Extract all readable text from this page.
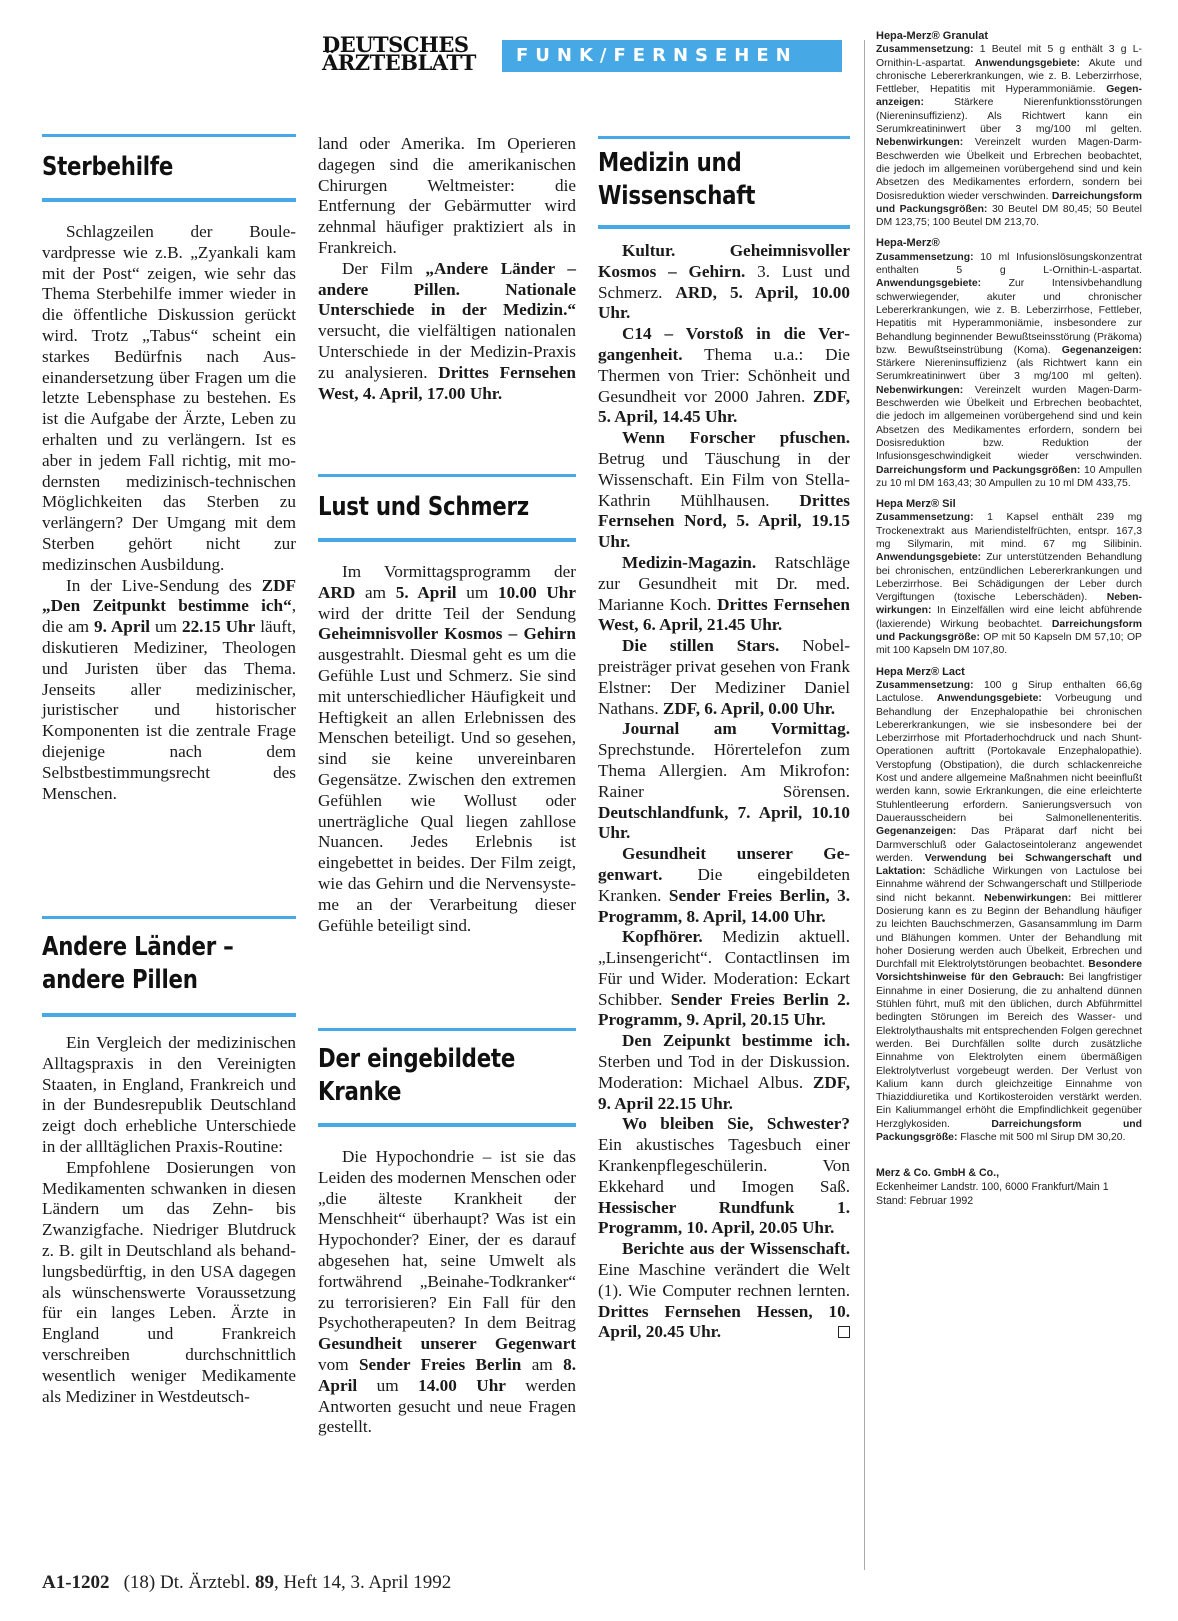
DEUTSCHES
ÄRZTEBLATT	FUNK/FERNSEHEN
Sterbehilfe

Schlagzeilen der Boulevardpresse wie z.B. „Zyankali kam mit der Post“ zeigen, wie sehr das Thema Sterbehilfe immer wieder in die öffentliche Diskussion gerückt wird. Trotz „Tabus“ scheint ein starkes Bedürfnis nach Auseinandersetzung über Fragen um die letzte Lebensphase zu bestehen. Es ist die Aufgabe der Ärzte, Leben zu erhalten und zu verlängern. Ist es aber in jedem Fall richtig, mit modernsten medizinisch-technischen Möglichkeiten das Sterben zu verlängern? Der Umgang mit dem Sterben gehört nicht zur medizinschen Ausbildung.

In der Live-Sendung des ZDF „Den Zeitpunkt bestimme ich“, die am 9. April um 22.15 Uhr läuft, diskutieren Mediziner, Theologen und Juristen über das Thema. Jenseits aller medizinischer, juristischer und historischer Komponenten ist die zentrale Frage diejenige nach dem Selbstbestimmungsrecht des Menschen.

Andere Länder – andere Pillen

Ein Vergleich der medizinischen Alltagspraxis in den Vereinigten Staaten, in England, Frankreich und in der Bundesrepublik Deutschland zeigt doch erhebliche Unterschiede in der allltäglichen Praxis-Routine:

Empfohlene Dosierungen von Medikamenten schwanken in diesen Ländern um das Zehn- bis Zwanzigfache. Niedriger Blutdruck z. B. gilt in Deutschland als behandlungsbedürftig, in den USA dagegen als wünschenswerte Voraussetzung für ein langes Leben. Ärzte in England und Frankreich verschreiben durchschnittlich wesentlich weniger Medikamente als Mediziner in Westdeutsch-

land oder Amerika. Im Operieren dagegen sind die amerikanischen Chirurgen Weltmeister: die Entfernung der Gebärmutter wird zehnmal häufiger praktiziert als in Frankreich.

Der Film „Andere Länder – andere Pillen. Nationale Unterschiede in der Medizin.“ versucht, die vielfältigen nationalen Unterschiede in der Medizin-Praxis zu analysieren. Drittes Fernsehen West, 4. April, 17.00 Uhr.

Lust und Schmerz

Im Vormittagsprogramm der ARD am 5. April um 10.00 Uhr wird der dritte Teil der Sendung Geheimnisvoller Kosmos – Gehirn ausgestrahlt. Diesmal geht es um die Gefühle Lust und Schmerz. Sie sind mit unterschiedlicher Häufigkeit und Heftigkeit an allen Erlebnissen des Menschen beteiligt. Und so gesehen, sind sie keine unvereinbaren Gegensätze. Zwischen den extremen Gefühlen wie Wollust oder unerträgliche Qual liegen zahllose Nuancen. Jedes Erlebnis ist eingebettet in beides. Der Film zeigt, wie das Gehirn und die Nervensysteme an der Verarbeitung dieser Gefühle beteiligt sind.

Der eingebildete Kranke

Die Hypochondrie – ist sie das Leiden des modernen Menschen oder „die älteste Krankheit der Menschheit“ überhaupt? Was ist ein Hypochonder? Einer, der es darauf abgesehen hat, seine Umwelt als fortwährend „Beinahe-Todkranker“ zu terrorisieren? Ein Fall für den Psychotherapeuten? In dem Beitrag Gesundheit unserer Gegenwart vom Sender Freies Berlin am 8. April um 14.00 Uhr werden Antworten gesucht und neue Fragen gestellt.

Medizin und Wissenschaft

Kultur. Geheimnisvoller Kosmos – Gehirn. 3. Lust und Schmerz. ARD, 5. April, 10.00 Uhr.

C14 – Vorstoß in die Vergangenheit. Thema u.a.: Die Thermen von Trier: Schönheit und Gesundheit vor 2000 Jahren. ZDF, 5. April, 14.45 Uhr.

Wenn Forscher pfuschen. Betrug und Täuschung in der Wissenschaft. Ein Film von Stella-Kathrin Mühlhausen. Drittes Fernsehen Nord, 5. April, 19.15 Uhr.

Medizin-Magazin. Ratschläge zur Gesundheit mit Dr. med. Marianne Koch. Drittes Fernsehen West, 6. April, 21.45 Uhr.

Die stillen Stars. Nobelpreisträger privat gesehen von Frank Elstner: Der Mediziner Daniel Nathans. ZDF, 6. April, 0.00 Uhr.

Journal am Vormittag. Sprechstunde. Hörertelefon zum Thema Allergien. Am Mikrofon: Rainer Sörensen. Deutschlandfunk, 7. April, 10.10 Uhr.

Gesundheit unserer Gegenwart. Die eingebildeten Kranken. Sender Freies Berlin, 3. Programm, 8. April, 14.00 Uhr.

Kopfhörer. Medizin aktuell. „Linsengericht“. Contactlinsen im Für und Wider. Moderation: Eckart Schibber. Sender Freies Berlin 2. Programm, 9. April, 20.15 Uhr.

Den Zeipunkt bestimme ich. Sterben und Tod in der Diskussion. Moderation: Michael Albus. ZDF, 9. April 22.15 Uhr.

Wo bleiben Sie, Schwester? Ein akustisches Tagesbuch einer Krankenpflegeschülerin. Von Ekkehard und Imogen Saß. Hessischer Rundfunk 1. Programm, 10. April, 20.05 Uhr.

Berichte aus der Wissenschaft. Eine Maschine verändert die Welt (1). Wie Computer rechnen lernten. Drittes Fernsehen Hessen, 10. April, 20.45 Uhr.

Hepa-Merz® Granulat
Zusammensetzung: 1 Beutel mit 5 g enthält 3 g L-Ornithin-L-aspartat. Anwendungsgebiete: Akute und chronische Lebererkrankungen, wie z. B. Leberzirrhose, Fettleber, Hepatitis mit Hyperammoniämie. Gegenanzeigen: Stärkere Nierenfunktionsstörungen (Niereninsuffizienz). Als Richtwert kann ein Serumkreatininwert über 3 mg/100 ml gelten. Nebenwirkungen: Vereinzelt wurden Magen-Darm-Beschwerden wie Übelkeit und Erbrechen beobachtet, die jedoch im allgemeinen vorübergehend sind und kein Absetzen des Medikamentes erfordern, sondern bei Dosisreduktion wieder verschwinden. Darreichungsform und Packungsgrößen: 30 Beutel DM 80,45; 50 Beutel DM 123,75; 100 Beutel DM 213,70.
Hepa-Merz®
Zusammensetzung: 10 ml Infusionslösungskonzentrat enthalten 5 g L-Ornithin-L-aspartat. Anwendungsgebiete: Zur Intensivbehandlung schwerwiegender, akuter und chronischer Lebererkrankungen, wie z. B. Leberzirrhose, Fettleber, Hepatitis mit Hyperammoniämie, insbesondere zur Behandlung beginnender Bewußtseinsstörung (Präkoma) bzw. Bewußtseinstrübung (Koma). Gegenanzeigen: Stärkere Niereninsuffizienz (als Richtwert kann ein Serumkreatininwert über 3 mg/100 ml gelten). Nebenwirkungen: Vereinzelt wurden Magen-Darm-Beschwerden wie Übelkeit und Erbrechen beobachtet, die jedoch im allgemeinen vorübergehend sind und kein Absetzen des Medikamentes erfordern, sondern bei Dosisreduktion bzw. Reduktion der Infusionsgeschwindigkeit wieder verschwinden. Darreichungsform und Packungsgrößen: 10 Ampullen zu 10 ml DM 163,43; 30 Ampullen zu 10 ml DM 433,75.
Hepa Merz® Sil
Zusammensetzung: 1 Kapsel enthält 239 mg Trockenextrakt aus Mariendistelfrüchten, entspr. 167,3 mg Silymarin, mit mind. 67 mg Silibinin. Anwendungsgebiete: Zur unterstützenden Behandlung bei chronischen, entzündlichen Lebererkrankungen und Leberzirrhose. Bei Schädigungen der Leber durch Vergiftungen (toxische Leberschäden). Nebenwirkungen: In Einzelfällen wird eine leicht abführende (laxierende) Wirkung beobachtet. Darreichungsform und Packungsgröße: OP mit 50 Kapseln DM 57,10; OP mit 100 Kapseln DM 107,80.
Hepa Merz® Lact
Zusammensetzung: 100 g Sirup enthalten 66,6g Lactulose. Anwendungsgebiete: Vorbeugung und Behandlung der Enzephalopathie bei chronischen Lebererkrankungen, wie sie insbesondere bei der Leberzirrhose mit Pfortaderhochdruck und nach Shunt-Operationen auftritt (Portokavale Enzephalopathie). Verstopfung (Obstipation), die durch schlackenreiche Kost und andere allgemeine Maßnahmen nicht beeinflußt werden kann, sowie Erkrankungen, die eine erleichterte Stuhlentleerung erfordern. Sanierungsversuch von Dauerausscheidern bei Salmonellenenteritis. Gegenanzeigen: Das Präparat darf nicht bei Darmverschluß oder Galactoseintoleranz angewendet werden. Verwendung bei Schwangerschaft und Laktation: Schädliche Wirkungen von Lactulose bei Einnahme während der Schwangerschaft und Stillperiode sind nicht bekannt. Nebenwirkungen: Bei mittlerer Dosierung kann es zu Beginn der Behandlung häufiger zu leichten Bauchschmerzen, Gasansammlung im Darm und Blähungen kommen. Unter der Behandlung mit hoher Dosierung werden auch Übelkeit, Erbrechen und Durchfall mit Elektrolytstörungen beobachtet. Besondere Vorsichtshinweise für den Gebrauch: Bei langfristiger Einnahme in einer Dosierung, die zu anhaltend dünnen Stühlen führt, muß mit den üblichen, durch Abführmittel bedingten Störungen im Bereich des Wasser- und Elektrolythaushalts mit entsprechenden Folgen gerechnet werden. Bei Durchfällen sollte durch zusätzliche Einnahme von Elektrolyten einem übermäßigen Elektrolytverlust vorgebeugt werden. Der Verlust von Kalium kann durch gleichzeitige Einnahme von Thiaziddiuretika und Kortikosteroiden verstärkt werden. Ein Kaliummangel erhöht die Empfindlichkeit gegenüber Herzglykosiden. Darreichungsform und Packungsgröße: Flasche mit 500 ml Sirup DM 30,20.
Merz & Co. GmbH & Co.,
Eckenheimer Landstr. 100, 6000 Frankfurt/Main 1
Stand: Februar 1992
A1-1202 (18) Dt. Ärztebl. 89, Heft 14, 3. April 1992
